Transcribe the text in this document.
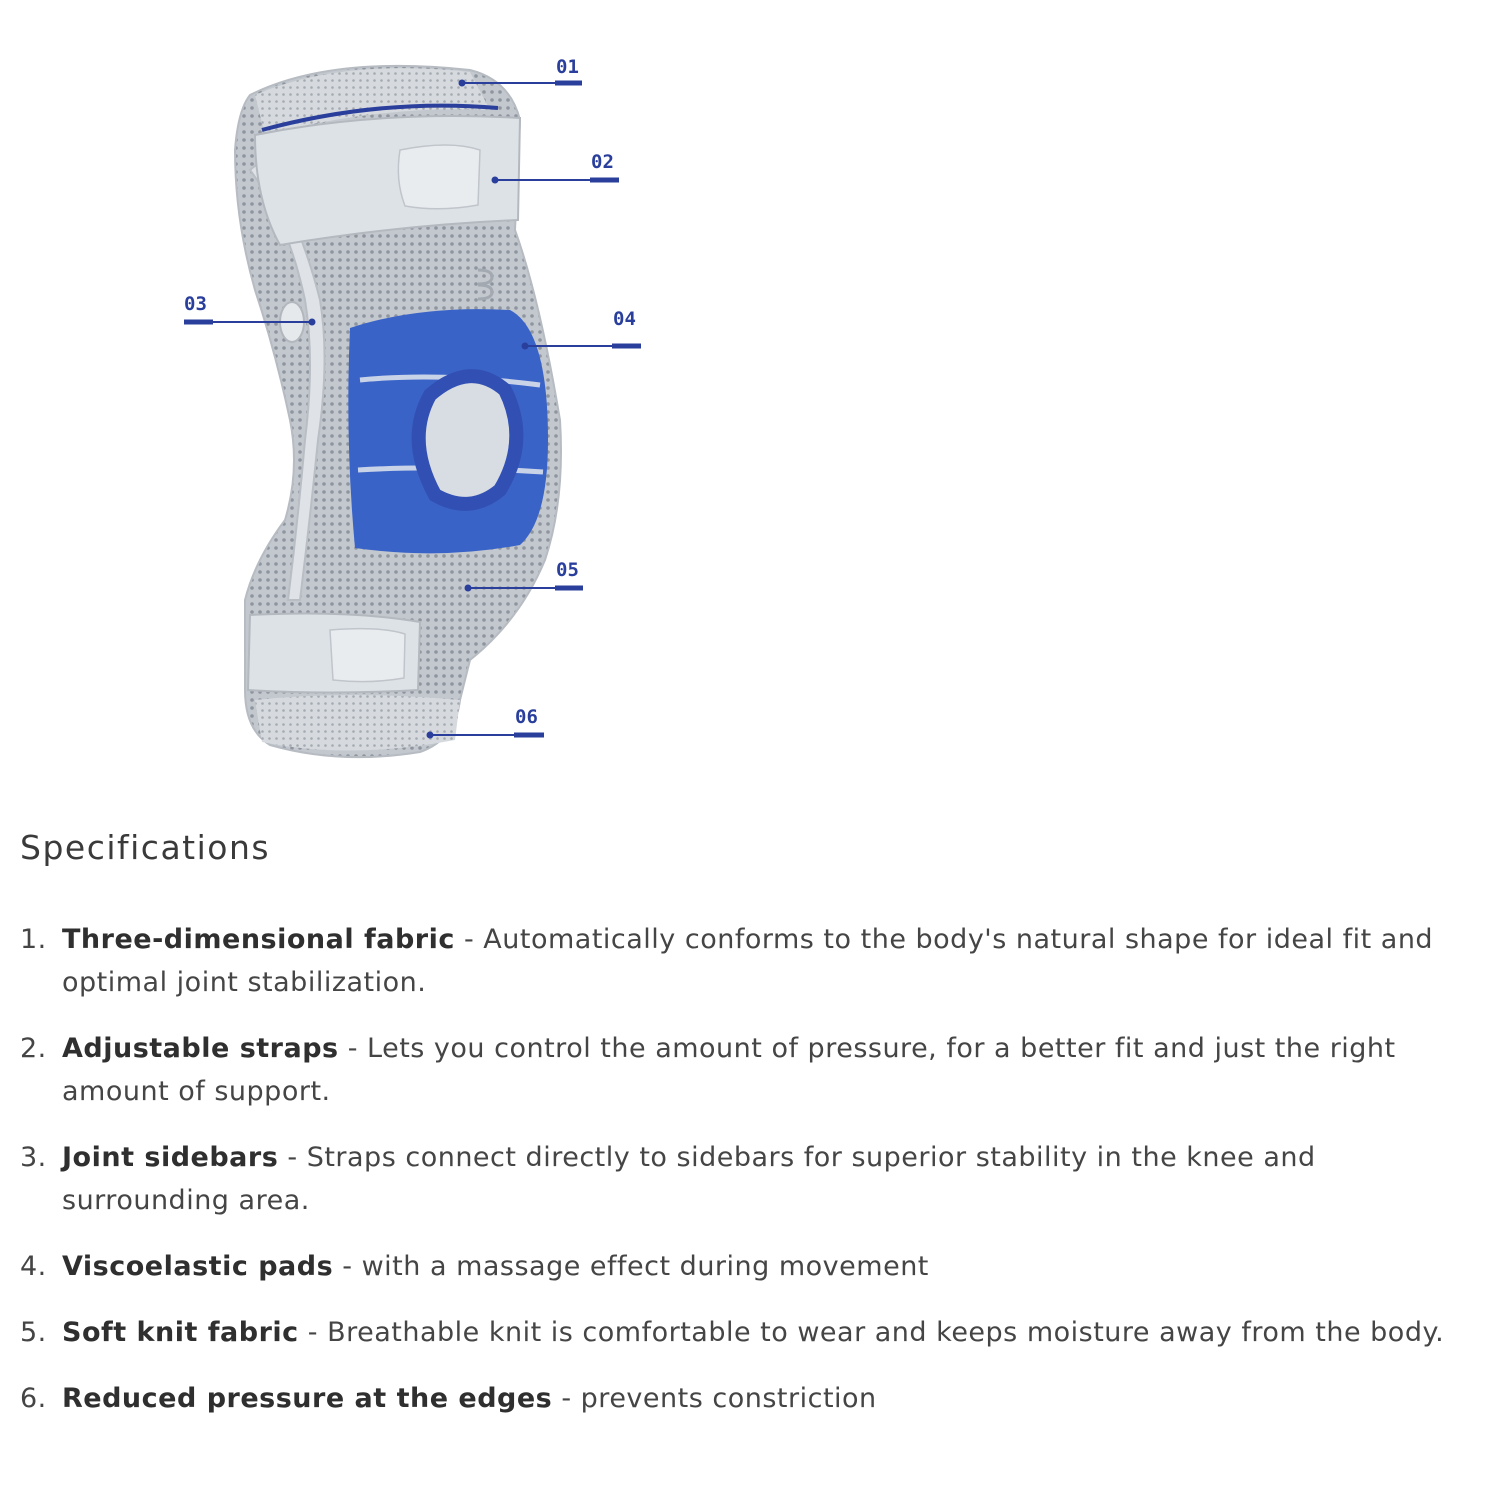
01
02
03
04
05
06
Specifications
1. Three-dimensional fabric - Automatically conforms to the body's natural shape for ideal fit and optimal joint stabilization.
2. Adjustable straps - Lets you control the amount of pressure, for a better fit and just the right amount of support.
3. Joint sidebars - Straps connect directly to sidebars for superior stability in the knee and surrounding area.
4. Viscoelastic pads - with a massage effect during movement
5. Soft knit fabric - Breathable knit is comfortable to wear and keeps moisture away from the body.
6. Reduced pressure at the edges - prevents constriction
